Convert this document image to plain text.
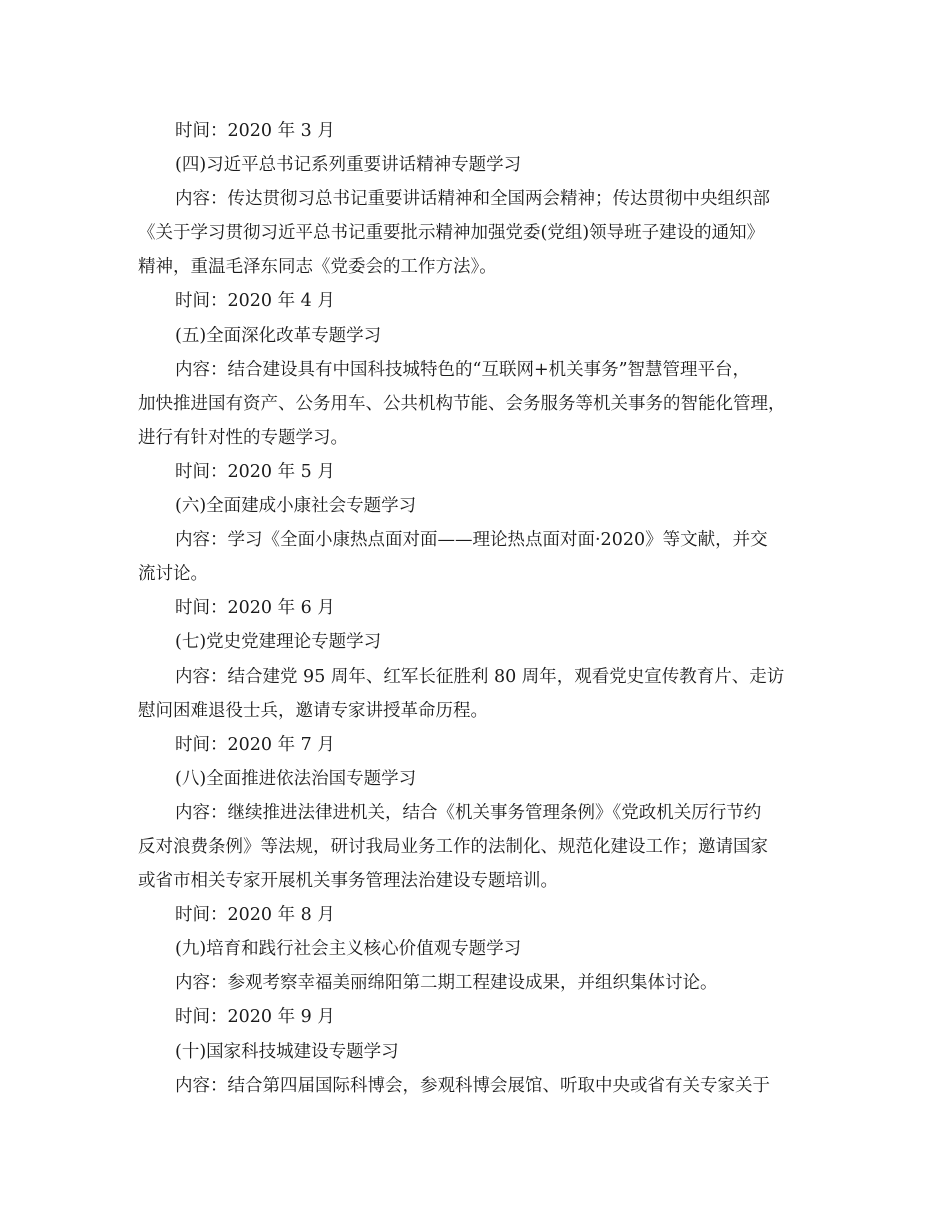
时间：2020 年 3 月
(四)习近平总书记系列重要讲话精神专题学习
内容：传达贯彻习总书记重要讲话精神和全国两会精神；传达贯彻中央组织部
《关于学习贯彻习近平总书记重要批示精神加强党委(党组)领导班子建设的通知》
精神，重温毛泽东同志《党委会的工作方法》。
时间：2020 年 4 月
(五)全面深化改革专题学习
内容：结合建设具有中国科技城特色的“互联网+机关事务”智慧管理平台，
加快推进国有资产、公务用车、公共机构节能、会务服务等机关事务的智能化管理，
进行有针对性的专题学习。
时间：2020 年 5 月
(六)全面建成小康社会专题学习
内容：学习《全面小康热点面对面——理论热点面对面·2020》等文献，并交
流讨论。
时间：2020 年 6 月
(七)党史党建理论专题学习
内容：结合建党 95 周年、红军长征胜利 80 周年，观看党史宣传教育片、走访
慰问困难退役士兵，邀请专家讲授革命历程。
时间：2020 年 7 月
(八)全面推进依法治国专题学习
内容：继续推进法律进机关，结合《机关事务管理条例》《党政机关厉行节约
反对浪费条例》等法规，研讨我局业务工作的法制化、规范化建设工作；邀请国家
或省市相关专家开展机关事务管理法治建设专题培训。
时间：2020 年 8 月
(九)培育和践行社会主义核心价值观专题学习
内容：参观考察幸福美丽绵阳第二期工程建设成果，并组织集体讨论。
时间：2020 年 9 月
(十)国家科技城建设专题学习
内容：结合第四届国际科博会，参观科博会展馆、听取中央或省有关专家关于
